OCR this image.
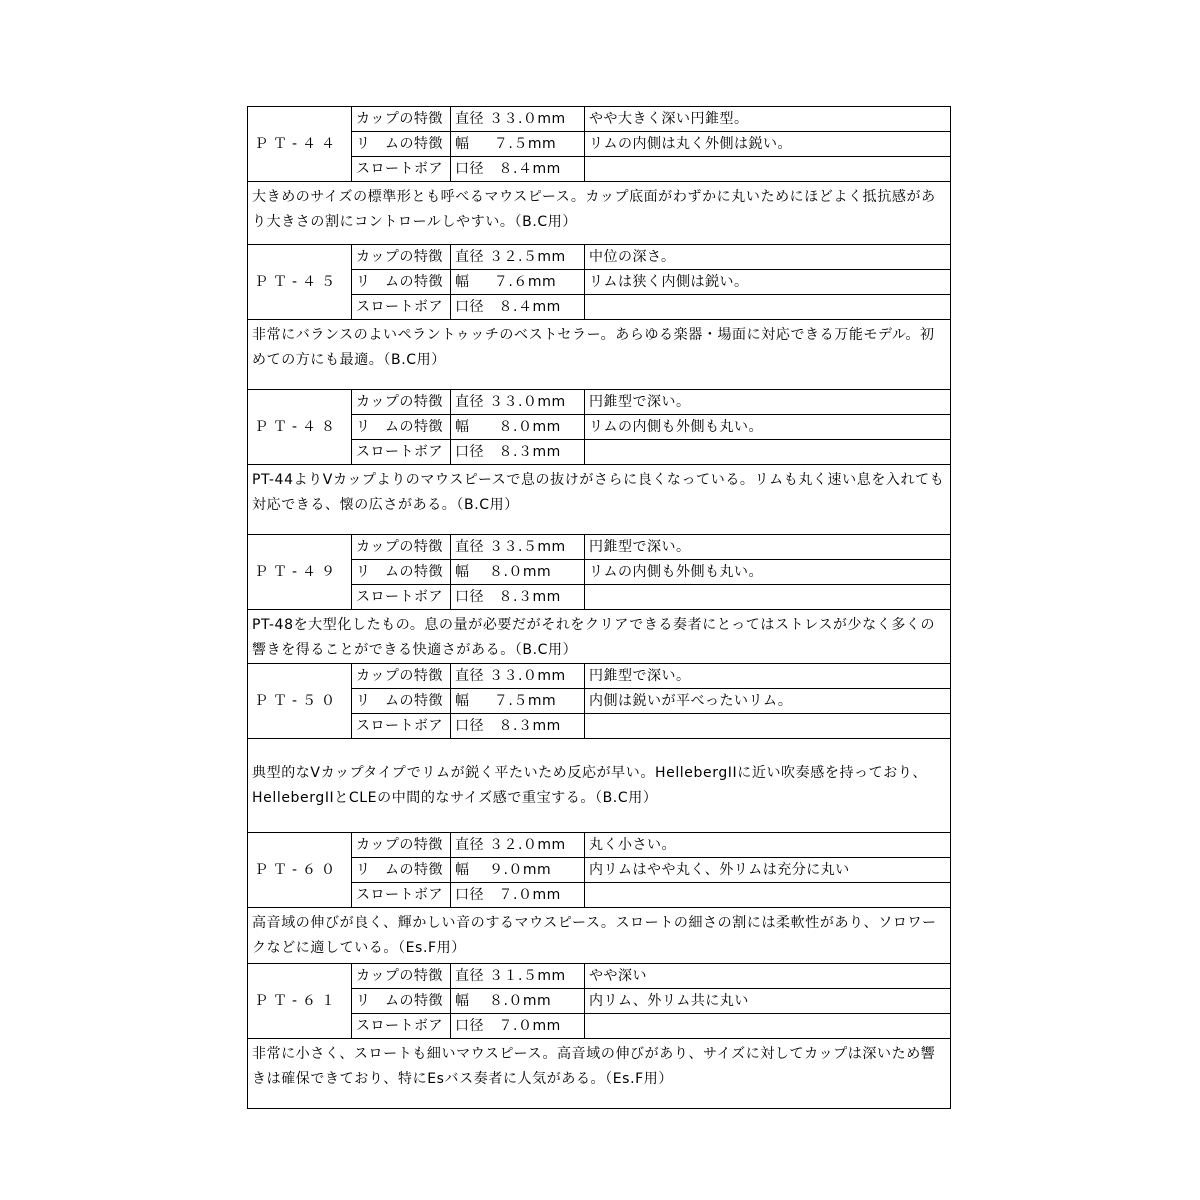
ＰＴ-４４	カップの特徴	直径 ３３.０mm	やや大きく深い円錐型。
	リ　ムの特徴	幅　  ７.５mm	リムの内側は丸く外側は鋭い。
	スロートボア	口径　８.４mm	
大きめのサイズの標準形とも呼べるマウスピース。カップ底面がわずかに丸いためにほどよく抵抗感があり大きさの割にコントロールしやすい。（B.C用）			
ＰＴ-４５	カップの特徴	直径 ３２.５mm	中位の深さ。
	リ　ムの特徴	幅　  ７.６mm	リムは狭く内側は鋭い。
	スロートボア	口径　８.４mm	
非常にバランスのよいペラントゥッチのベストセラー。あらゆる楽器・場面に対応できる万能モデル。初めての方にも最適。（B.C用）			
ＰＴ-４８	カップの特徴	直径 ３３.０mm	円錐型で深い。
	リ　ムの特徴	幅　　８.０mm	リムの内側も外側も丸い。
	スロートボア	口径　８.３mm	
PT-44よりVカップよりのマウスピースで息の抜けがさらに良くなっている。リムも丸く速い息を入れても対応できる、懐の広さがある。（B.C用）			
ＰＴ-４９	カップの特徴	直径 ３３.５mm	円錐型で深い。
	リ　ムの特徴	幅　 ８.０mm	リムの内側も外側も丸い。
	スロートボア	口径　８.３mm	
PT-48を大型化したもの。息の量が必要だがそれをクリアできる奏者にとってはストレスが少なく多くの響きを得ることができる快適さがある。（B.C用）			
ＰＴ-５０	カップの特徴	直径 ３３.０mm	円錐型で深い。
	リ　ムの特徴	幅　  ７.５mm	内側は鋭いが平べったいリム。
	スロートボア	口径　８.３mm	
典型的なVカップタイプでリムが鋭く平たいため反応が早い。HellebergIIに近い吹奏感を持っており、HellebergIIとCLEの中間的なサイズ感で重宝する。（B.C用）			
ＰＴ-６０	カップの特徴	直径 ３２.０mm	丸く小さい。
	リ　ムの特徴	幅　 ９.０mm	内リムはやや丸く、外リムは充分に丸い
	スロートボア	口径　７.０mm	
高音域の伸びが良く、輝かしい音のするマウスピース。スロートの細さの割には柔軟性があり、ソロワークなどに適している。（Es.F用）			
ＰＴ-６１	カップの特徴	直径 ３１.５mm	やや深い
	リ　ムの特徴	幅　 ８.０mm	内リム、外リム共に丸い
	スロートボア	口径　７.０mm	
非常に小さく、スロートも細いマウスピース。高音域の伸びがあり、サイズに対してカップは深いため響きは確保できており、特にEsバス奏者に人気がある。（Es.F用）			
